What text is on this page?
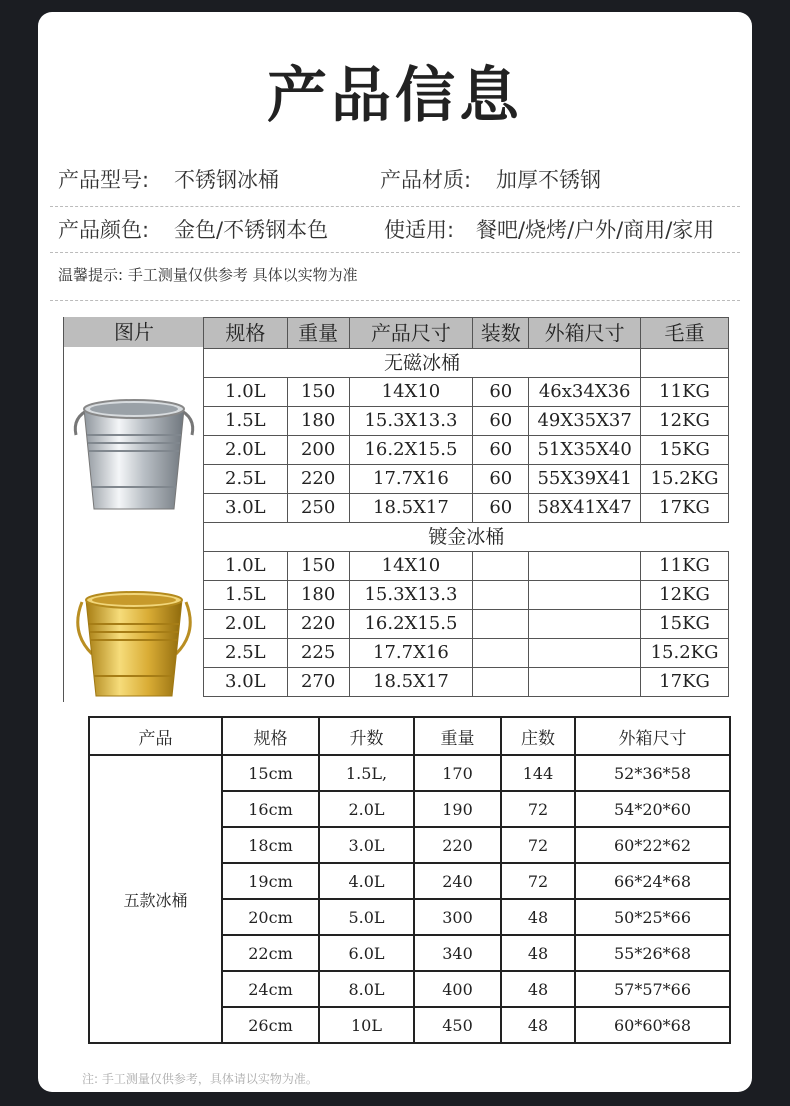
产品信息
产品型号: 不锈钢冰桶	产品材质: 加厚不锈钢
产品颜色: 金色/不锈钢本色	使适用: 餐吧/烧烤/户外/商用/家用
温馨提示: 手工测量仅供参考 具体以实物为准
图片	规格	重量	产品尺寸	装数	外箱尺寸	毛重
无磁冰桶					
1.0L	150	14X10	60	46x34X36	11KG
1.5L	180	15.3X13.3	60	49X35X37	12KG
2.0L	200	16.2X15.5	60	51X35X40	15KG
2.5L	220	17.7X16	60	55X39X41	15.2KG
3.0L	250	18.5X17	60	58X41X47	17KG
镀金冰桶					
1.0L	150	14X10			11KG
1.5L	180	15.3X13.3			12KG
2.0L	220	16.2X15.5			15KG
2.5L	225	17.7X16			15.2KG
3.0L	270	18.5X17			17KG
产品	规格	升数	重量	庄数	外箱尺寸
五款冰桶	15cm	1.5L,	170	144	52*36*58
	16cm	2.0L	190	72	54*20*60
	18cm	3.0L	220	72	60*22*62
	19cm	4.0L	240	72	66*24*68
	20cm	5.0L	300	48	50*25*66
	22cm	6.0L	340	48	55*26*68
	24cm	8.0L	400	48	57*57*66
	26cm	10L	450	48	60*60*68
注: 手工测量仅供参考，具体请以实物为准。
